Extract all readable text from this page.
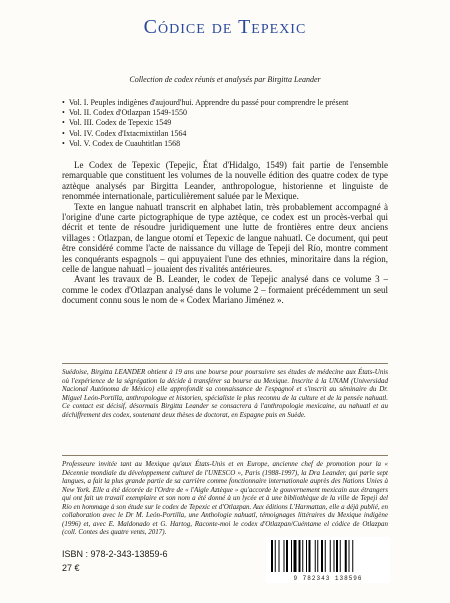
Códice de Tepexic
Collection de codex réunis et analysés par Birgitta Leander
• Vol. I. Peuples indigènes d'aujourd'hui. Apprendre du passé pour comprendre le présent
• Vol. II. Codex d'Otlazpan 1549-1550
• Vol. III. Codex de Tepexic 1549
• Vol. IV. Codex d'Ixtacmixtitlan 1564
• Vol. V. Codex de Cuauhtitlan 1568

Le Codex de Tepexic (Tepejic, État d'Hidalgo, 1549) fait partie de l'ensemble remarquable que constituent les volumes de la nouvelle édition des quatre codex de type aztèque analysés par Birgitta Leander, anthropologue, historienne et linguiste de renommée internationale, particulièrement saluée par le Mexique.

Texte en langue nahuatl transcrit en alphabet latin, très probablement accompagné à l'origine d'une carte pictographique de type aztèque, ce codex est un procès-verbal qui décrit et tente de résoudre juridiquement une lutte de frontières entre deux anciens villages : Otlazpan, de langue otomí et Tepexic de langue nahuatl. Ce document, qui peut être considéré comme l'acte de naissance du village de Tepeji del Río, montre comment les conquérants espagnols – qui appuyaient l'une des ethnies, minoritaire dans la région, celle de langue nahuatl – jouaient des rivalités antérieures.

Avant les travaux de B. Leander, le codex de Tepejic analysé dans ce volume 3 – comme le codex d'Otlazpan analysé dans le volume 2 – formaient précédemment un seul document connu sous le nom de « Codex Mariano Jiménez ».

Suédoise, Birgitta LEANDER obtient à 19 ans une bourse pour poursuivre ses études de médecine aux États-Unis où l'expérience de la ségrégation la décide à transférer sa bourse au Mexique. Inscrite à la UNAM (Universidad Nacional Autónoma de México) elle approfondit sa connaissance de l'espagnol et s'inscrit au séminaire du Dr. Miguel León-Portilla, anthropologue et historien, spécialiste le plus reconnu de la culture et de la pensée nahuatl. Ce contact est décisif, désormais Birgitta Leander se consacrera à l'anthropologie mexicaine, au nahuatl et au déchiffrement des codex, soutenant deux thèses de doctorat, en Espagne puis en Suède.
Professeure invitée tant au Mexique qu'aux États-Unis et en Europe, ancienne chef de promotion pour la « Décennie mondiale du développement culturel de l'UNESCO », Paris (1988-1997), la Dra Leander, qui parle sept langues, a fait la plus grande partie de sa carrière comme fonctionnaire internationale auprès des Nations Unies à New York. Elle a été décorée de l'Ordre de « l'Aigle Aztèque » qu'accorde le gouvernement mexicain aux étrangers qui ont fait un travail exemplaire et son nom a été donné à un lycée et à une bibliothèque de la ville de Tepeji del Río en hommage à son étude sur le codex de Tepexic et d'Otlazpan. Aux éditions L'Harmattan, elle a déjà publié, en collaboration avec le Dr M. León-Portilla, une Anthologie nahuatl, témoignages littéraires du Mexique indigène (1996) et, avec E. Maldonado et G. Hartog, Raconte-moi le codex d'Otlazpan/Cuéntame el códice de Otlazpan (coll. Contes des quatre vents, 2017).
ISBN : 978-2-343-13859-6
27 €
9 782343 138596
